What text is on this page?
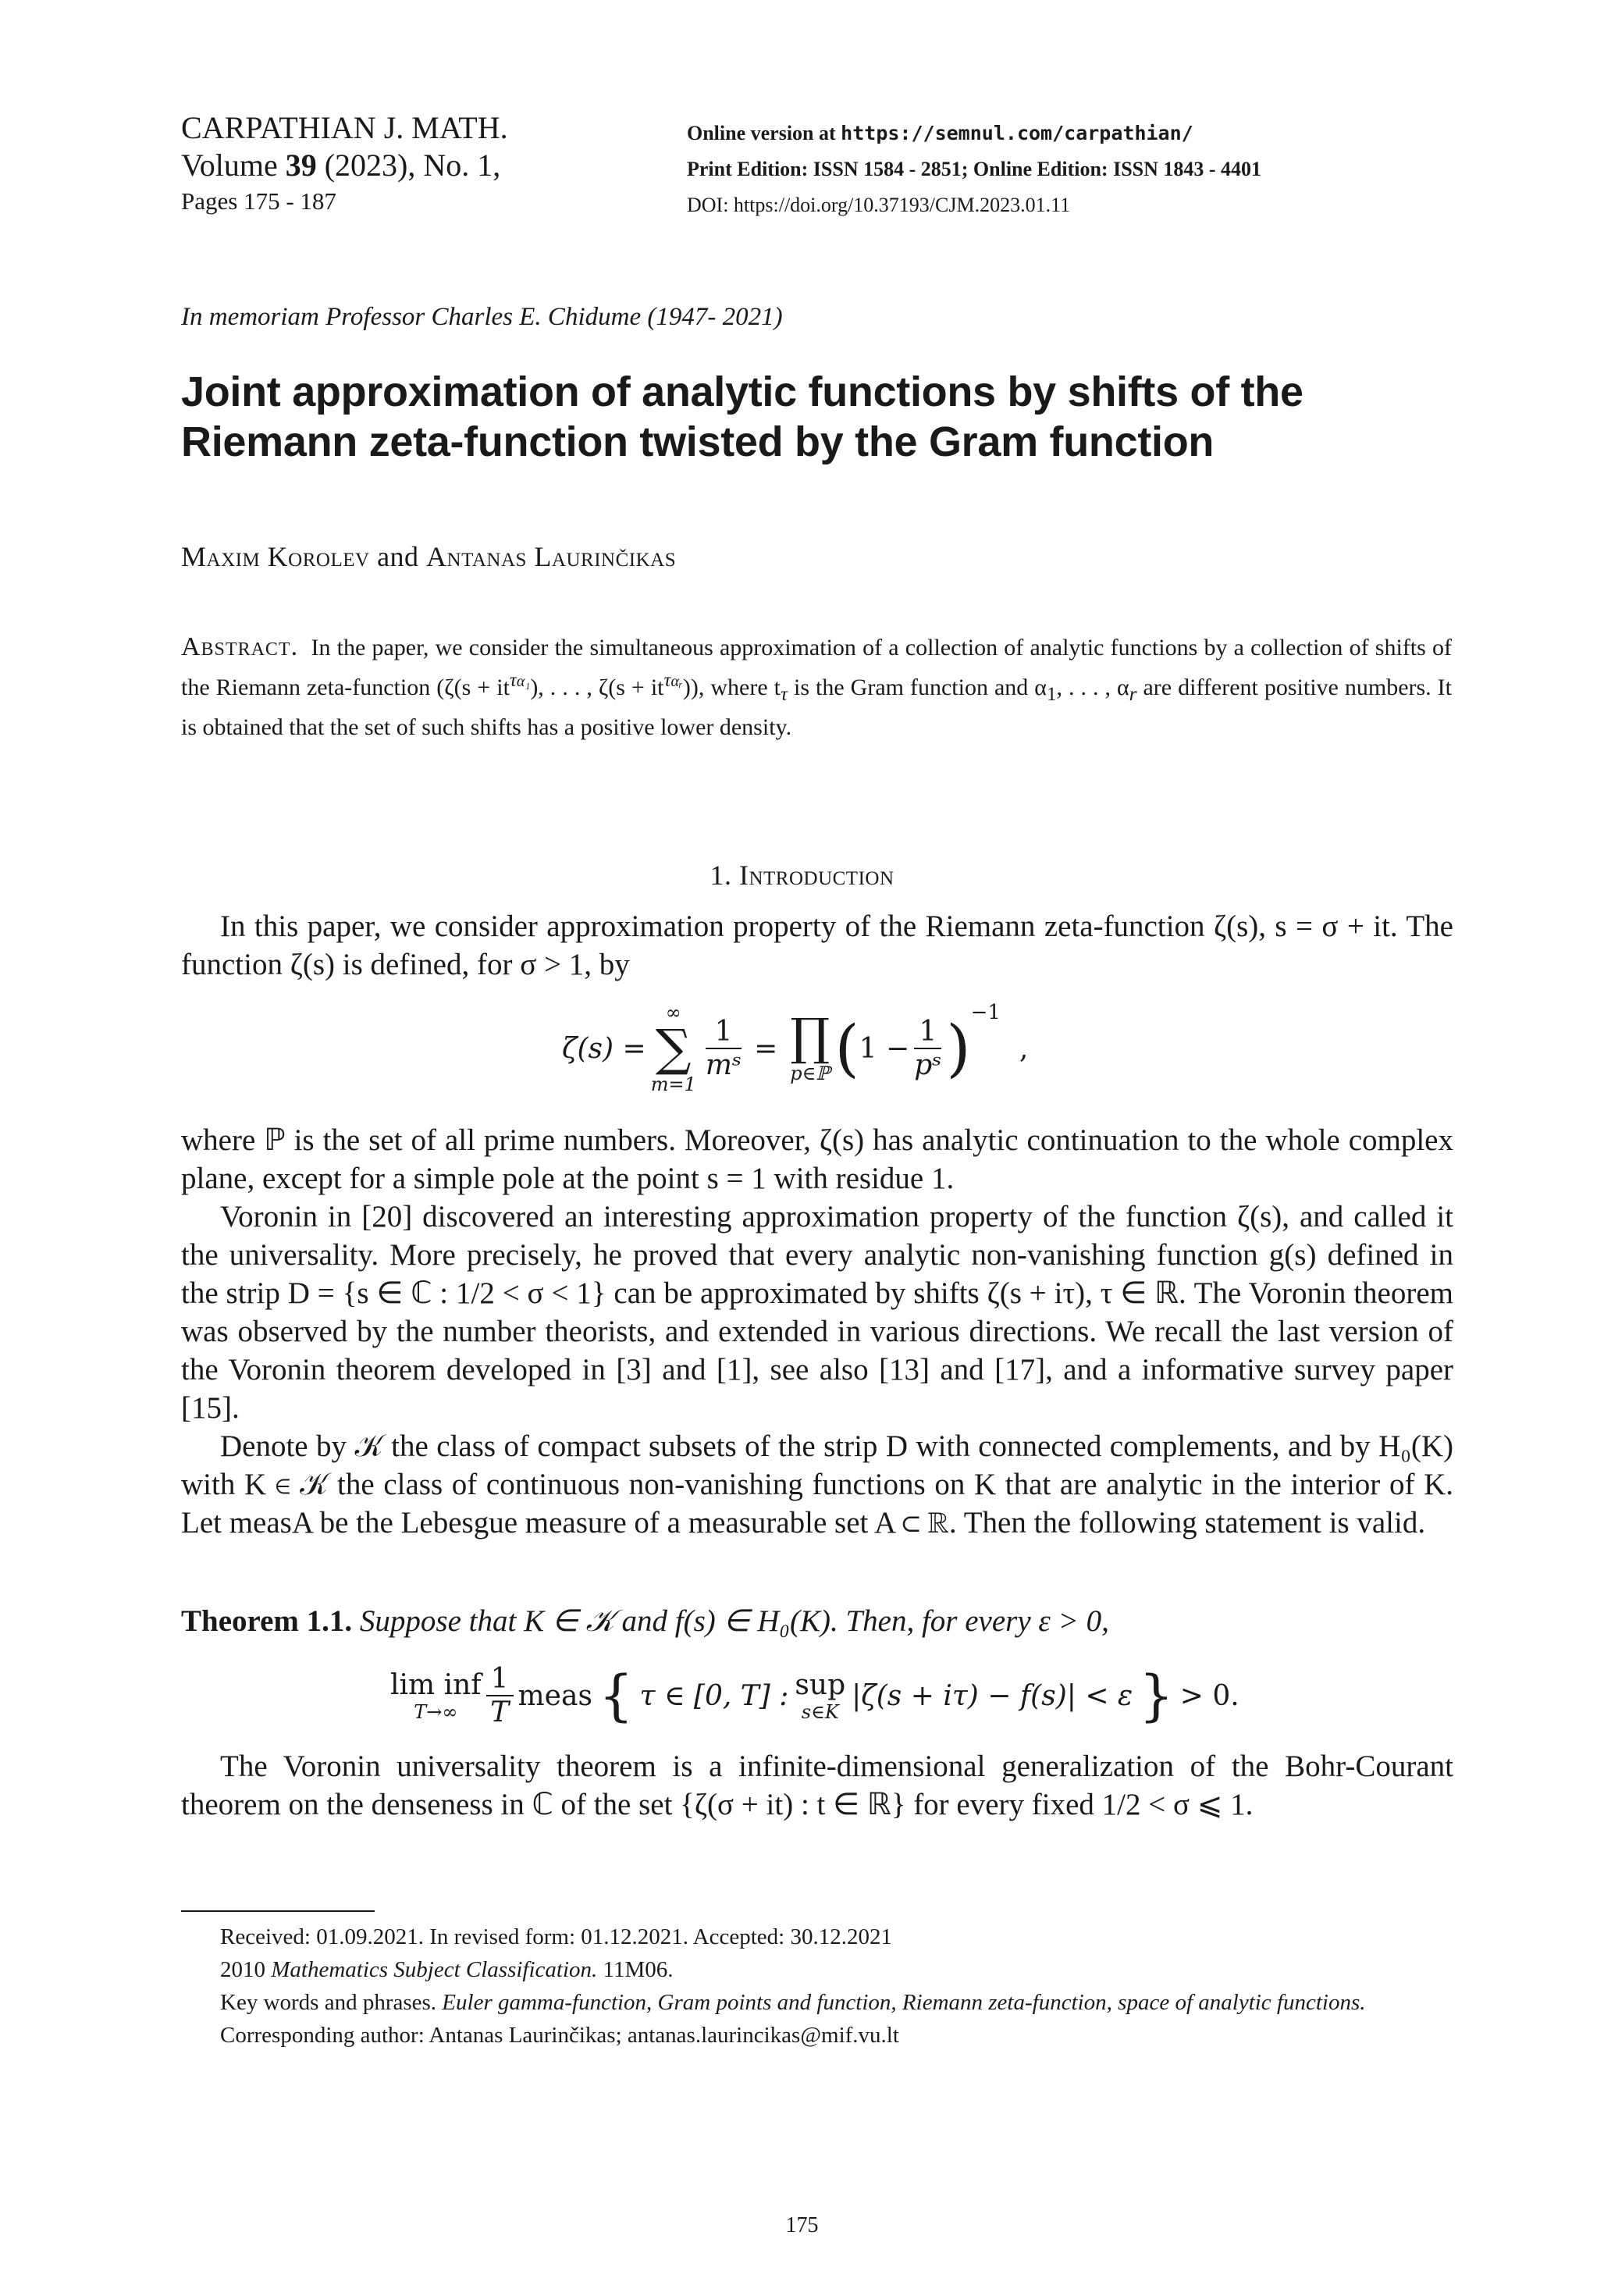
CARPATHIAN J. MATH.
Volume 39 (2023), No. 1,
Pages 175 - 187
Online version at https://semnul.com/carpathian/
Print Edition: ISSN 1584 - 2851; Online Edition: ISSN 1843 - 4401
DOI: https://doi.org/10.37193/CJM.2023.01.11
In memoriam Professor Charles E. Chidume (1947- 2021)
Joint approximation of analytic functions by shifts of the
Riemann zeta-function twisted by the Gram function
Maxim Korolev and Antanas Laurinčikas
Abstract. In the paper, we consider the simultaneous approximation of a collection of analytic functions by a collection of shifts of the Riemann zeta-function ($\zeta(s + it^{\tau\alpha_1})$, . . . , $\zeta(s + it^{\tau\alpha ᵣ})$), where $t_\tau$ is the Gram function and $\alpha_1$, . . . , $\alpha_r$ are different positive numbers. It is obtained that the set of such shifts has a positive lower density.
1. Introduction
In this paper, we consider approximation property of the Riemann zeta-function ζ(s), s = σ + it. The function ζ(s) is defined, for σ > 1, by
ζ(s) =
∞
∑
m=1
$\frac{1}{\text{mˢ}}$ = ∏
p∈ℙ ( $1 - \frac{1}{\text{pˢ}} )^{-1}$
,
where ℙ is the set of all prime numbers. Moreover, ζ(s) has analytic continuation to the whole complex plane, except for a simple pole at the point s = 1 with residue 1.
Voronin in [20] discovered an interesting approximation property of the function ζ(s), and called it the universality. More precisely, he proved that every analytic non-vanishing function g(s) defined in the strip D = {s ∈ ℂ : 1/2 < σ < 1} can be approximated by shifts ζ(s + iτ), τ ∈ ℝ. The Voronin theorem was observed by the number theorists, and extended in various directions. We recall the last version of the Voronin theorem developed in [3] and [1], see also [13] and [17], and a informative survey paper [15].
Denote by 𝒦 the class of compact subsets of the strip D with connected complements, and by H₀(K) with K ∈ 𝒦 the class of continuous non-vanishing functions on K that are analytic in the interior of K. Let measA be the Lebesgue measure of a measurable set A ⊂ ℝ. Then the following statement is valid.
Theorem 1.1. Suppose that K ∈ 𝒦 and f(s) ∈ H₀(K). Then, for every ε > 0,
lim inf
T→∞	$\frac{1}{T}$ meas { τ ∈ [0, T] : sup
s∈K |ζ(s + iτ) − f(s)| < ε } > 0.
The Voronin universality theorem is a infinite-dimensional generalization of the Bohr-Courant theorem on the denseness in ℂ of the set {ζ(σ + it) : t ∈ ℝ} for every fixed 1/2 < σ ⩽ 1.
Received: 01.09.2021. In revised form: 01.12.2021. Accepted: 30.12.2021
2010 Mathematics Subject Classification. 11M06.
Key words and phrases. Euler gamma-function, Gram points and function, Riemann zeta-function, space of analytic functions.
Corresponding author: Antanas Laurinčikas; antanas.laurincikas@mif.vu.lt
175
